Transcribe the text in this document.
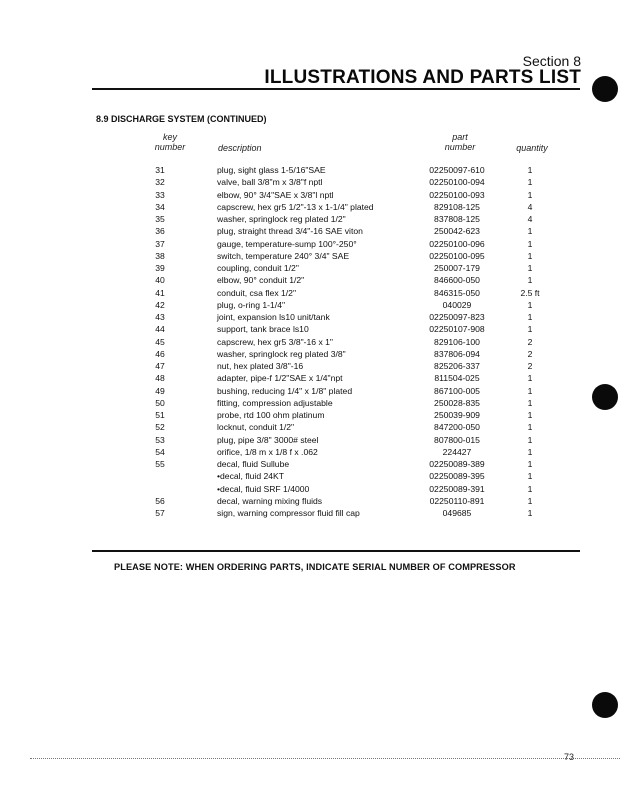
Section 8
ILLUSTRATIONS AND PARTS LIST
8.9 DISCHARGE SYSTEM (CONTINUED)
key
number	description
part
number	quantity
31	plug, sight glass 1-5/16"SAE	02250097-610	1
32	valve, ball 3/8"m x 3/8"f nptl	02250100-094	1
33	elbow, 90° 3/4"SAE x 3/8"l nptl	02250100-093	1
34	capscrew, hex gr5 1/2"-13 x 1-1/4" plated	829108-125	4
35	washer, springlock reg plated 1/2"	837808-125	4
36	plug, straight thread 3/4"-16 SAE viton	250042-623	1
37	gauge, temperature-sump 100°-250°	02250100-096	1
38	switch, temperature 240° 3/4" SAE	02250100-095	1
39	coupling, conduit 1/2"	250007-179	1
40	elbow, 90° conduit 1/2"	846600-050	1
41	conduit, csa flex 1/2"	846315-050	2.5 ft
42	plug, o-ring 1-1/4"	040029	1
43	joint, expansion ls10 unit/tank	02250097-823	1
44	support, tank brace ls10	02250107-908	1
45	capscrew, hex gr5 3/8"-16 x 1"	829106-100	2
46	washer, springlock reg plated 3/8"	837806-094	2
47	nut, hex plated 3/8"-16	825206-337	2
48	adapter, pipe-f 1/2"SAE x 1/4"npt	811504-025	1
49	bushing, reducing 1/4" x 1/8" plated	867100-005	1
50	fitting, compression adjustable	250028-835	1
51	probe, rtd 100 ohm platinum	250039-909	1
52	locknut, conduit 1/2"	847200-050	1
53	plug, pipe 3/8" 3000# steel	807800-015	1
54	orifice, 1/8 m x 1/8 f x .062	224427	1
55	decal, fluid Sullube	02250089-389	1
•decal, fluid 24KT	02250089-395	1
•decal, fluid SRF 1/4000	02250089-391	1
56	decal, warning mixing fluids	02250110-891	1
57	sign, warning compressor fluid fill cap	049685	1
PLEASE NOTE: WHEN ORDERING PARTS, INDICATE SERIAL NUMBER OF COMPRESSOR
73
